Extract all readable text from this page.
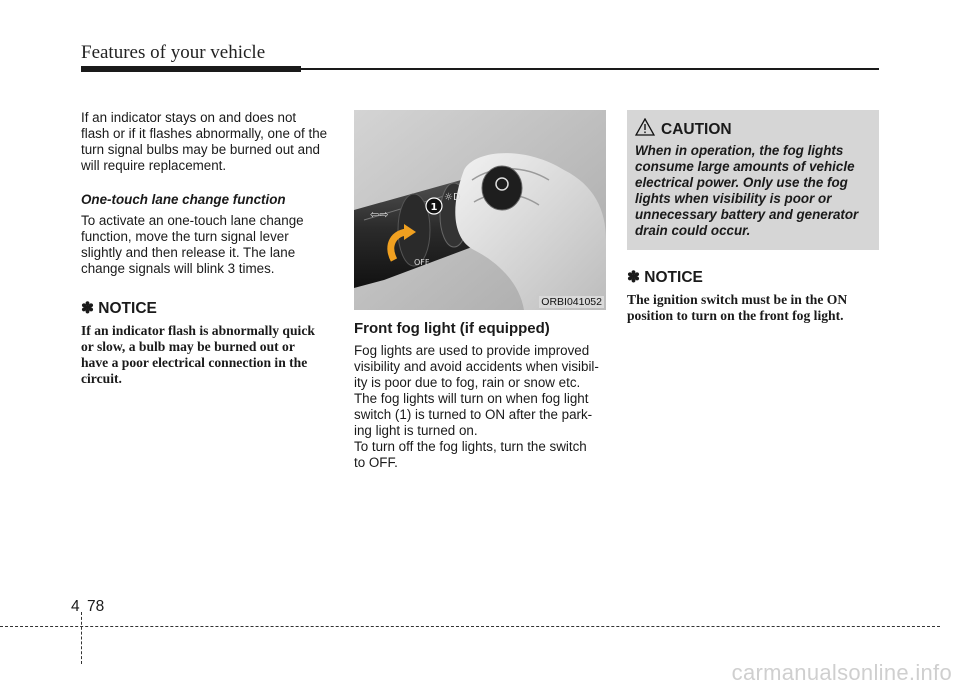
Features of your vehicle

If an indicator stays on and does not
flash or if it flashes abnormally, one of the
turn signal bulbs may be burned out and
will require replacement.

One-touch lane change function

To activate an one-touch lane change
function, move the turn signal lever
slightly and then release it. The lane
change signals will blink 3 times.

✽ NOTICE

If an indicator flash is abnormally quick
or slow, a bulb may be burned out or
have a poor electrical connection in the
circuit.

⇦⇨
☼D
1
OFF
ORBI041052
Front fog light (if equipped)

Fog lights are used to provide improved
visibility and avoid accidents when visibil-
ity is poor due to fog, rain or snow etc.
The fog lights will turn on when fog light
switch (1) is turned to ON after the park-
ing light is turned on.
To turn off the fog lights, turn the switch
to OFF.

CAUTION

When in operation, the fog lights
consume large amounts of vehicle
electrical power. Only use the fog
lights when visibility is poor or
unnecessary battery and generator
drain could occur.

✽ NOTICE

The ignition switch must be in the ON
position to turn on the front fog light.

4 78
carmanualsonline.info
